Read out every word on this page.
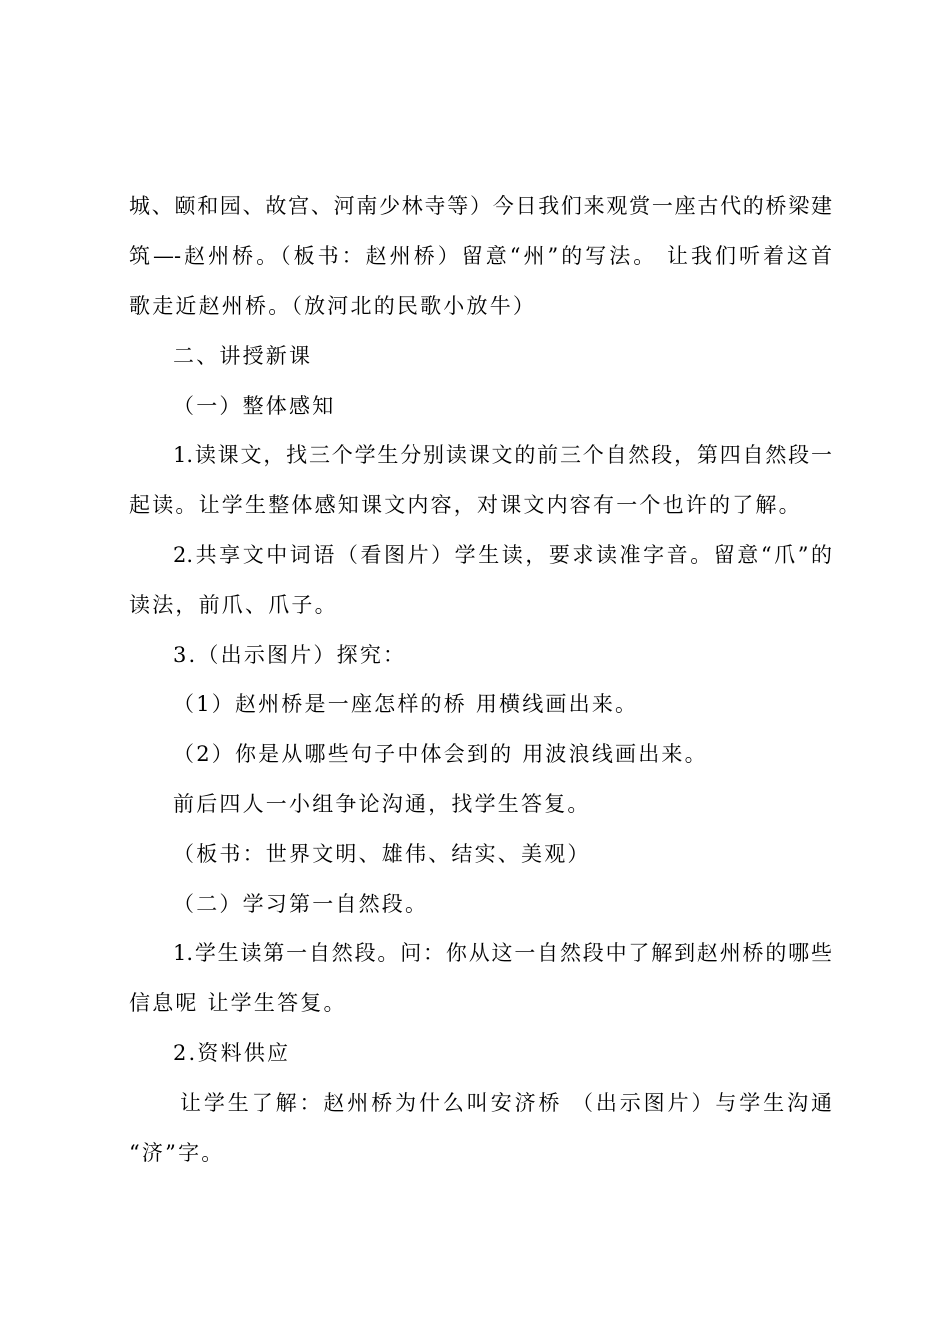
城、颐和园、故宫、河南少林寺等）今日我们来观赏一座古代的桥梁建
筑—-赵州桥。（板书：赵州桥）留意“州”的写法。 让我们听着这首
歌走近赵州桥。（放河北的民歌小放牛）
二、讲授新课
（一）整体感知
1.读课文，找三个学生分别读课文的前三个自然段，第四自然段一
起读。让学生整体感知课文内容，对课文内容有一个也许的了解。
2.共享文中词语（看图片）学生读，要求读准字音。留意“爪”的
读法，前爪、爪子。
3.（出示图片）探究：
（1）赵州桥是一座怎样的桥 用横线画出来。
（2）你是从哪些句子中体会到的 用波浪线画出来。
前后四人一小组争论沟通，找学生答复。
（板书：世界文明、雄伟、结实、美观）
（二）学习第一自然段。
1.学生读第一自然段。问：你从这一自然段中了解到赵州桥的哪些
信息呢 让学生答复。
2.资料供应
让学生了解：赵州桥为什么叫安济桥 （出示图片）与学生沟通
“济”字。
